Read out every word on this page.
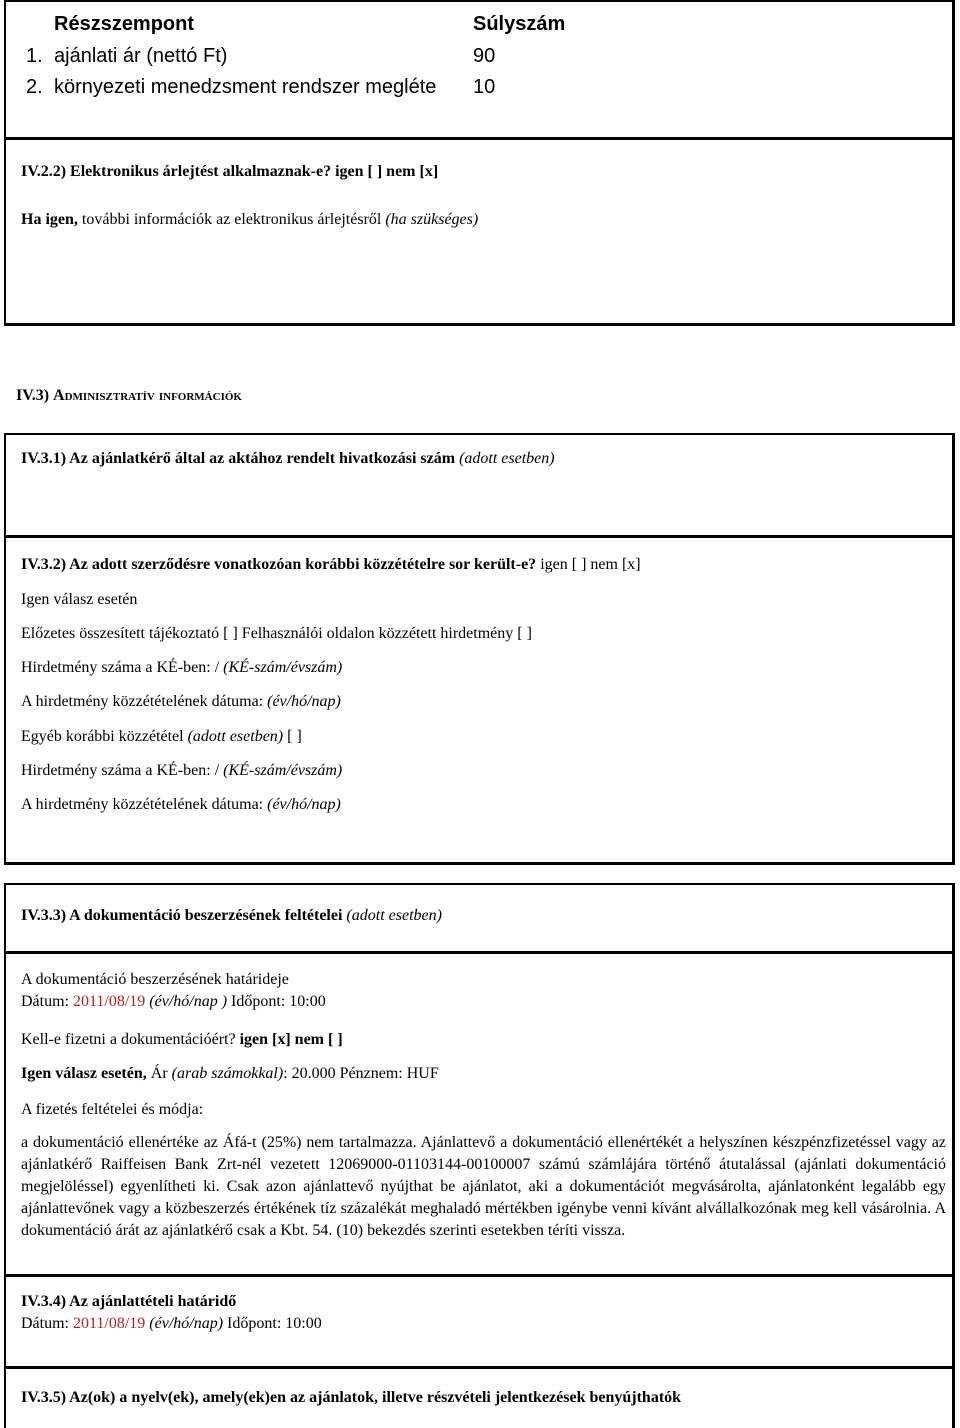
Részszempont	Súlyszám
1. ajánlati ár (nettó Ft)	90
2. környezeti menedzsment rendszer megléte 10
IV.2.2) Elektronikus árlejtést alkalmaznak-e? igen [ ] nem [x]
Ha igen, további információk az elektronikus árlejtésről (ha szükséges)
IV.3) Adminisztratív információk
IV.3.1) Az ajánlatkérő által az aktához rendelt hivatkozási szám (adott esetben)
IV.3.2) Az adott szerződésre vonatkozóan korábbi közzétételre sor került-e? igen [ ] nem [x]
Igen válasz esetén
Előzetes összesített tájékoztató [ ] Felhasználói oldalon közzétett hirdetmény [ ]
Hirdetmény száma a KÉ-ben: / (KÉ-szám/évszám)
A hirdetmény közzétételének dátuma: (év/hó/nap)
Egyéb korábbi közzététel (adott esetben) [ ]
Hirdetmény száma a KÉ-ben: / (KÉ-szám/évszám)
A hirdetmény közzétételének dátuma: (év/hó/nap)
IV.3.3) A dokumentáció beszerzésének feltételei (adott esetben)
A dokumentáció beszerzésének határideje
Dátum: 2011/08/19 (év/hó/nap ) Időpont: 10:00
Kell-e fizetni a dokumentációért? igen [x] nem [ ]
Igen válasz esetén, Ár (arab számokkal): 20.000 Pénznem: HUF
A fizetés feltételei és módja:
a dokumentáció ellenértéke az Áfá-t (25%) nem tartalmazza. Ajánlattevő a dokumentáció ellenértékét a helyszínen készpénzfizetéssel vagy az ajánlatkérő Raiffeisen Bank Zrt-nél vezetett 12069000-01103144-00100007 számú számlájára történő átutalással (ajánlati dokumentáció megjelöléssel) egyenlítheti ki. Csak azon ajánlattevő nyújthat be ajánlatot, aki a dokumentációt megvásárolta, ajánlatonként legalább egy ajánlattevőnek vagy a közbeszerzés értékének tíz százalékát meghaladó mértékben igénybe venni kívánt alvállalkozónak meg kell vásárolnia. A dokumentáció árát az ajánlatkérő csak a Kbt. 54. (10) bekezdés szerinti esetekben téríti vissza.
IV.3.4) Az ajánlattételi határidő
Dátum: 2011/08/19 (év/hó/nap) Időpont: 10:00
IV.3.5) Az(ok) a nyelv(ek), amely(ek)en az ajánlatok, illetve részvételi jelentkezések benyújthatók
